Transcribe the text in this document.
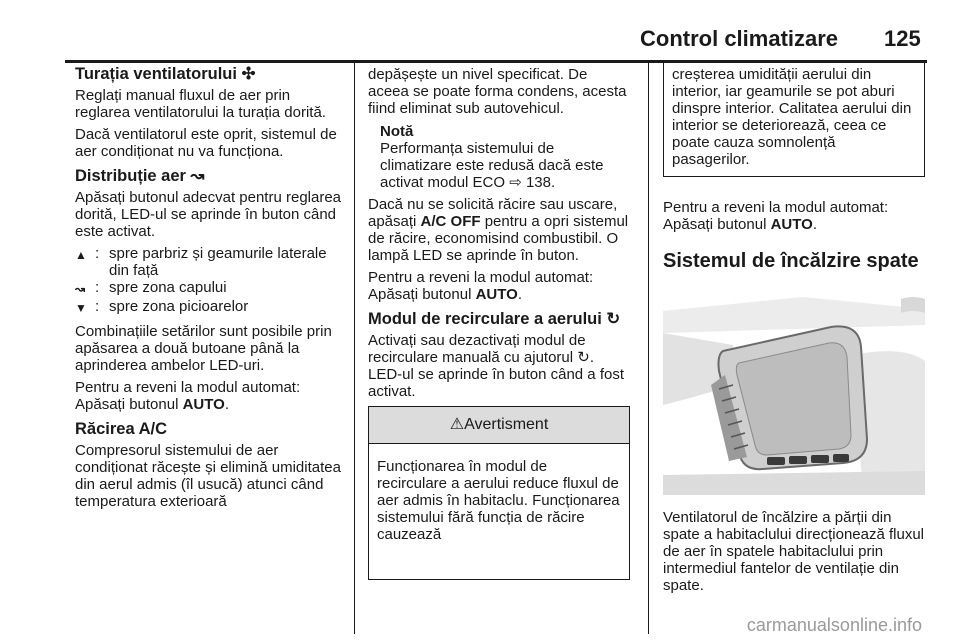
Control climatizare 125
Turația ventilatorului ✣

Reglați manual fluxul de aer prin reglarea ventilatorului la turația dorită.

Dacă ventilatorul este oprit, sistemul de aer condiționat nu va funcționa.

Distribuție aer ↝

Apăsați butonul adecvat pentru reglarea dorită, LED-ul se aprinde în buton când este activat.

▲ : spre parbriz și geamurile laterale din față
↝ : spre zona capului
▼ : spre zona picioarelor

Combinațiile setărilor sunt posibile prin apăsarea a două butoane până la aprinderea ambelor LED-uri.

Pentru a reveni la modul automat: Apăsați butonul AUTO.

Răcirea A/C

Compresorul sistemului de aer condiționat răcește și elimină umiditatea din aerul admis (îl usucă) atunci când temperatura exterioară

depășește un nivel specificat. De aceea se poate forma condens, acesta fiind eliminat sub autovehicul.

Notă
Performanța sistemului de climatizare este redusă dacă este activat modul ECO ⇨ 138.

Dacă nu se solicită răcire sau uscare, apăsați A/C OFF pentru a opri sistemul de răcire, economisind combustibil. O lampă LED se aprinde în buton.

Pentru a reveni la modul automat: Apăsați butonul AUTO.

Modul de recirculare a aerului ↻

Activați sau dezactivați modul de recirculare manuală cu ajutorul ↻. LED-ul se aprinde în buton când a fost activat.

⚠Avertisment
Funcționarea în modul de recirculare a aerului reduce fluxul de aer admis în habitaclu. Funcționarea sistemului fără funcția de răcire cauzează
creșterea umidității aerului din interior, iar geamurile se pot aburi dinspre interior. Calitatea aerului din interior se deteriorează, ceea ce poate cauza somnolență pasagerilor.

Pentru a reveni la modul automat: Apăsați butonul AUTO.

Sistemul de încălzire spate

Ventilatorul de încălzire a părții din spate a habitaclului direcționează fluxul de aer în spatele habitaclului prin intermediul fantelor de ventilație din spate.

carmanualsonline.info
